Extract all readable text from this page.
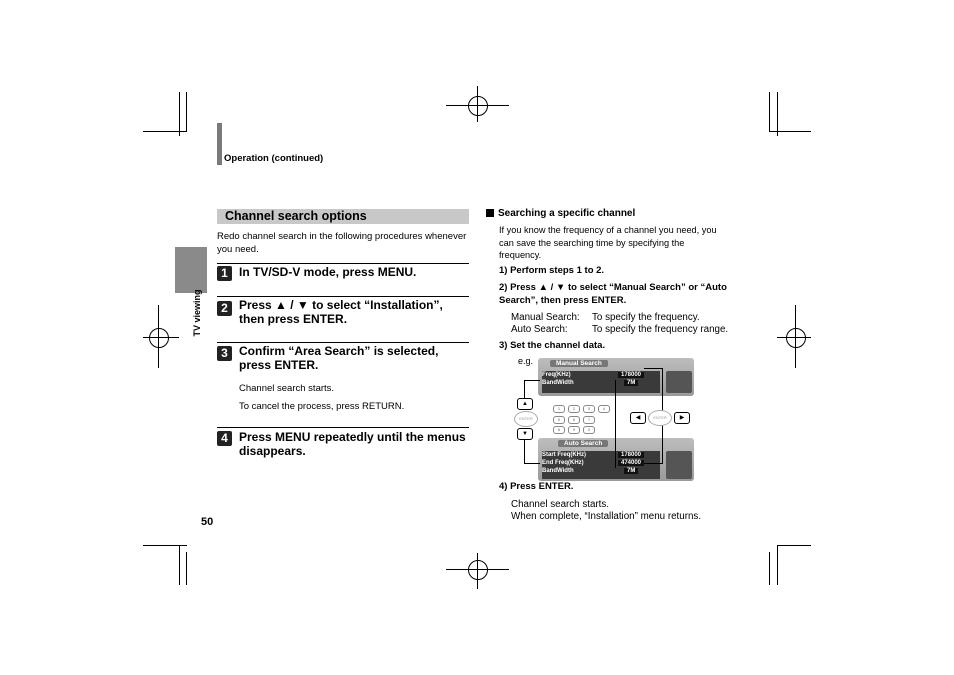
Operation (continued)
TV viewing
Channel search options
Redo channel search in the following procedures whenever you need.
1 In TV/SD-V mode, press MENU.
2 Press ▲ / ▼ to select “Installation”, then press ENTER.
3 Confirm “Area Search” is selected, press ENTER.
Channel search starts.
To cancel the process, press RETURN.
4 Press MENU repeatedly until the menus disappears.
50
Searching a specific channel
If you know the frequency of a channel you need, you can save the searching time by specifying the frequency.
1) Perform steps 1 to 2.
2) Press ▲ / ▼ to select “Manual Search” or “Auto Search”, then press ENTER.
Manual Search: To specify the frequency.
Auto Search: To specify the frequency range.
3) Set the channel data.
e.g.	Manual Search
Freq(KHz)	178000
BandWidth	7M
Auto Search
Start Freq(KHz)	178000
End Freq(KHz)	474000
BandWidth	7M
▲
ENTER
▼
1	2	3	4
5	6	7
8	9	0
◀	ENTER	▶
4) Press ENTER.
Channel search starts.
When complete, “Installation” menu returns.
